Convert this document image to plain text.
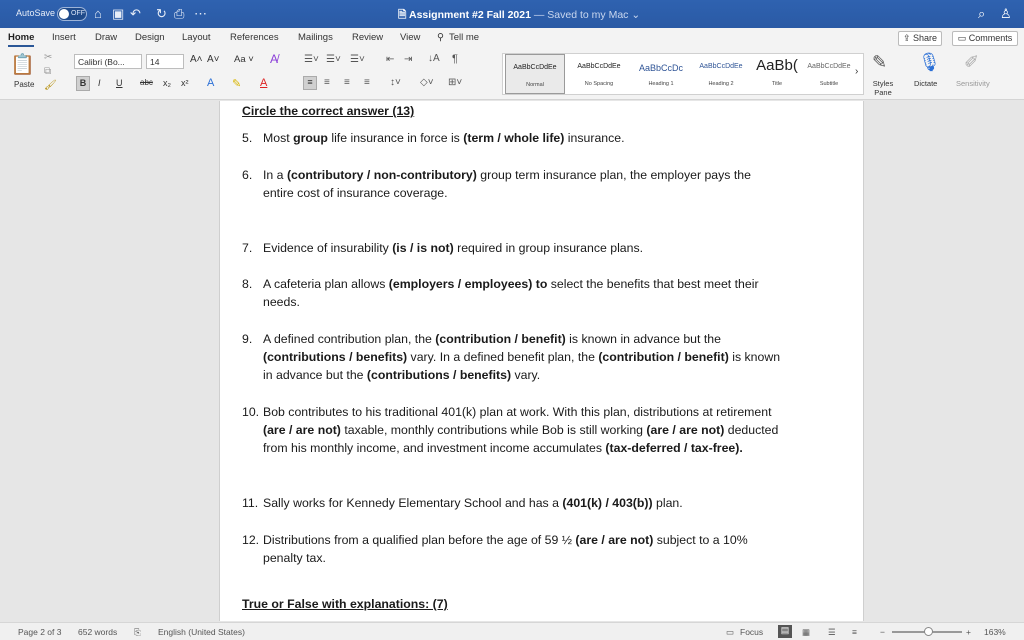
AutoSave OFF ⌂ ▣ ↶ ↻ ⎙ ⋯	🗎 Assignment #2 Fall 2021 — Saved to my Mac ⌄	⌕ ♙
Home Insert Draw Design Layout References Mailings Review View ⚲ Tell me	⇪ Share	▭ Comments
📋
Paste
✂
⧉
🖌
Calibri (Bo...	14	A˄ A˅ Aa ˅ A̸
B	I U abc x₂ x² A ✎ A
☰˅ ☰˅ ☰˅ ⇤ ⇥ ↓A ¶
≡	≡ ≡ ≡ ↕˅ ◇˅ ⊞˅
AaBbCcDdEe
Normal
AaBbCcDdEe
No Spacing
AaBbCcDc
Heading 1
AaBbCcDdEe
Heading 2
AaBb(
Title
AaBbCcDdEe
Subtitle
› ✎
Styles Pane
🎙
Dictate
✐
Sensitivity
Circle the correct answer (13)
5. Most group life insurance in force is (term / whole life) insurance.
6. In a (contributory / non-contributory) group term insurance plan, the employer pays the entire cost of insurance coverage.
7. Evidence of insurability (is / is not) required in group insurance plans.
8. A cafeteria plan allows (employers / employees) to select the benefits that best meet their needs.
9. A defined contribution plan, the (contribution / benefit) is known in advance but the (contributions / benefits) vary. In a defined benefit plan, the (contribution / benefit) is known in advance but the (contributions / benefits) vary.
10. Bob contributes to his traditional 401(k) plan at work. With this plan, distributions at retirement (are / are not) taxable, monthly contributions while Bob is still working (are / are not) deducted from his monthly income, and investment income accumulates (tax-deferred / tax-free).
11. Sally works for Kennedy Elementary School and has a (401(k) / 403(b)) plan.
12. Distributions from a qualified plan before the age of 59 ½ (are / are not) subject to a 10% penalty tax.
True or False with explanations: (7)
Page 2 of 3 652 words ⎘ English (United States)	▭ Focus	▤	▦ ☰ ≡	−	+ 163%
